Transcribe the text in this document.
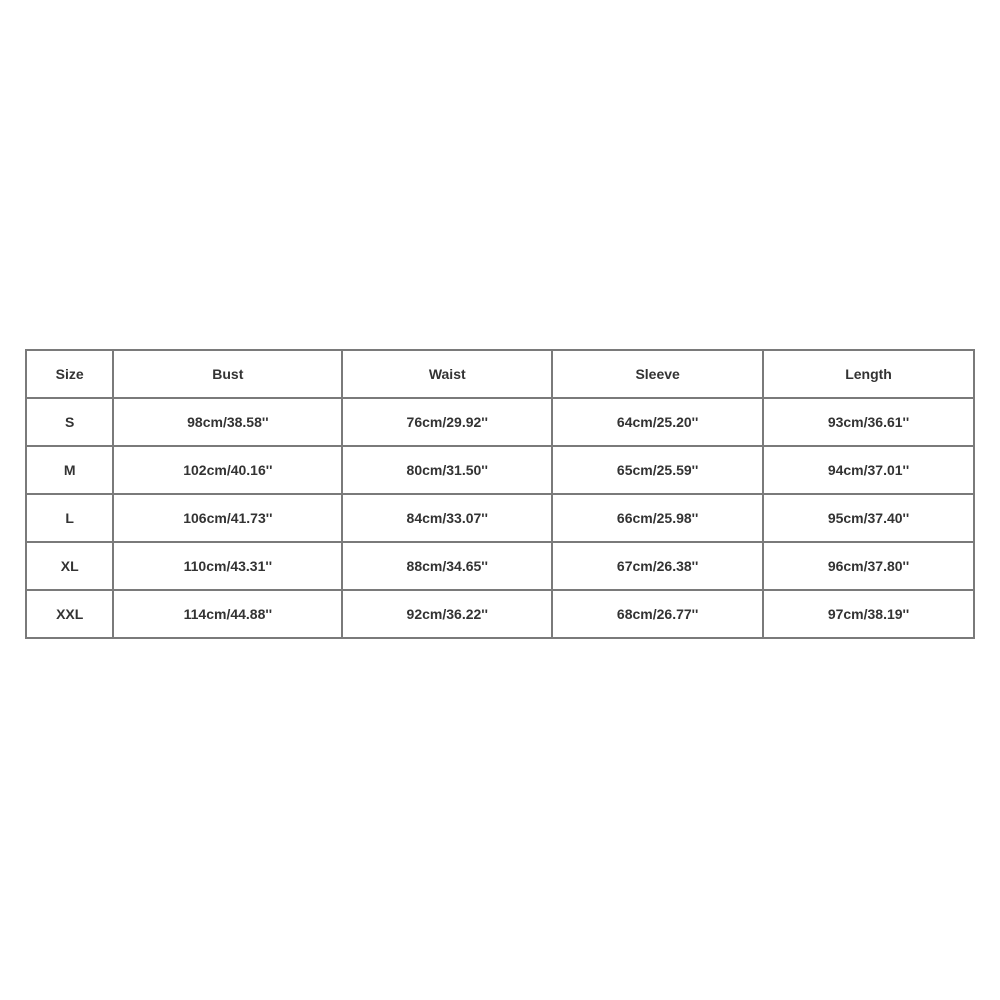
Size	Bust	Waist	Sleeve	Length
S	98cm/38.58''	76cm/29.92''	64cm/25.20''	93cm/36.61''
M	102cm/40.16''	80cm/31.50''	65cm/25.59''	94cm/37.01''
L	106cm/41.73''	84cm/33.07''	66cm/25.98''	95cm/37.40''
XL	110cm/43.31''	88cm/34.65''	67cm/26.38''	96cm/37.80''
XXL	114cm/44.88''	92cm/36.22''	68cm/26.77''	97cm/38.19''
